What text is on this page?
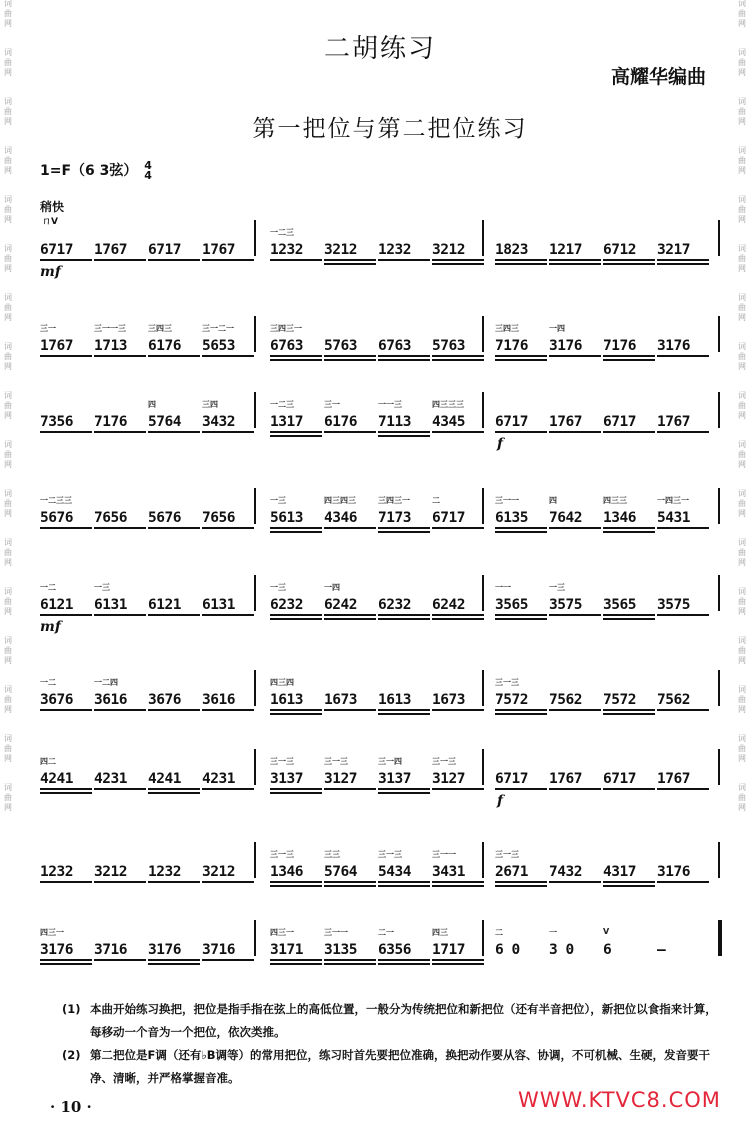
词
曲
网
词
曲
网
词
曲
网
词
曲
网
词
曲
网
词
曲
网
词
曲
网
词
曲
网
词
曲
网
词
曲
网
词
曲
网
词
曲
网
词
曲
网
词
曲
网
词
曲
网
词
曲
网
词
曲
网
词
曲
网
词
曲
网
词
曲
网
词
曲
网
词
曲
网
词
曲
网
词
曲
网
词
曲
网
词
曲
网
词
曲
网
词
曲
网
词
曲
网
词
曲
网
词
曲
网
词
曲
网
词
曲
网
词
曲
网
二胡练习
高耀华编曲
第一把位与第二把位练习
1=F（6 3弦） 4
4
稍快
ㄇV
6717	1767	6717	1767	1232
一二三
3212	1232	3212	1823	1217	6712	3217
mf
1767
三一
1713
三一一三
6176
三四三
5653
三一二一
6763
三四三一
5763	6763	5763	7176
三四三
3176
一四
7176	3176
7356	7176	5764
四
3432
三四
1317
一二三
6176
三一
7113
一一三
4345
四三三三
6717	1767	6717	1767
f
5676
一二三三
7656	5676	7656	5613
一三
4346
四三四三
7173
三四三一
6717
二
6135
三一一
7642
四
1346
四三三
5431
一四三一
6121
一二
6131
一三
6121	6131	6232
一三
6242
一四
6232	6242	3565
一一
3575
一三
3565	3575
mf
3676
一二
3616
一二四
3676	3616	1613
四三四
1673	1613	1673	7572
三一三
7562	7572	7562
4241
四二
4231	4241	4231	3137
三一三
3127
三一三
3137
三一四
3127
三一三
6717	1767	6717	1767
f
1232	3212	1232	3212	1346
三一三
5764
三三
5434
三一三
3431
三一一
2671
三一三
7432	4317	3176
3176
四三一
3716	3176	3716	3171
四三一
3135
三一一
6356
二一
1717
四三
6 0
二
3 0
一
6
V
–
(1) 本曲开始练习换把，把位是指手指在弦上的高低位置，一般分为传统把位和新把位（还有半音把位），新把位以食指来计算，每移动一个音为一个把位，依次类推。
(2) 第二把位是F调（还有♭B调等）的常用把位，练习时首先要把位准确，换把动作要从容、协调，不可机械、生硬，发音要干净、清晰，并严格掌握音准。
· 10 ·	WWW.KTVC8.COM
